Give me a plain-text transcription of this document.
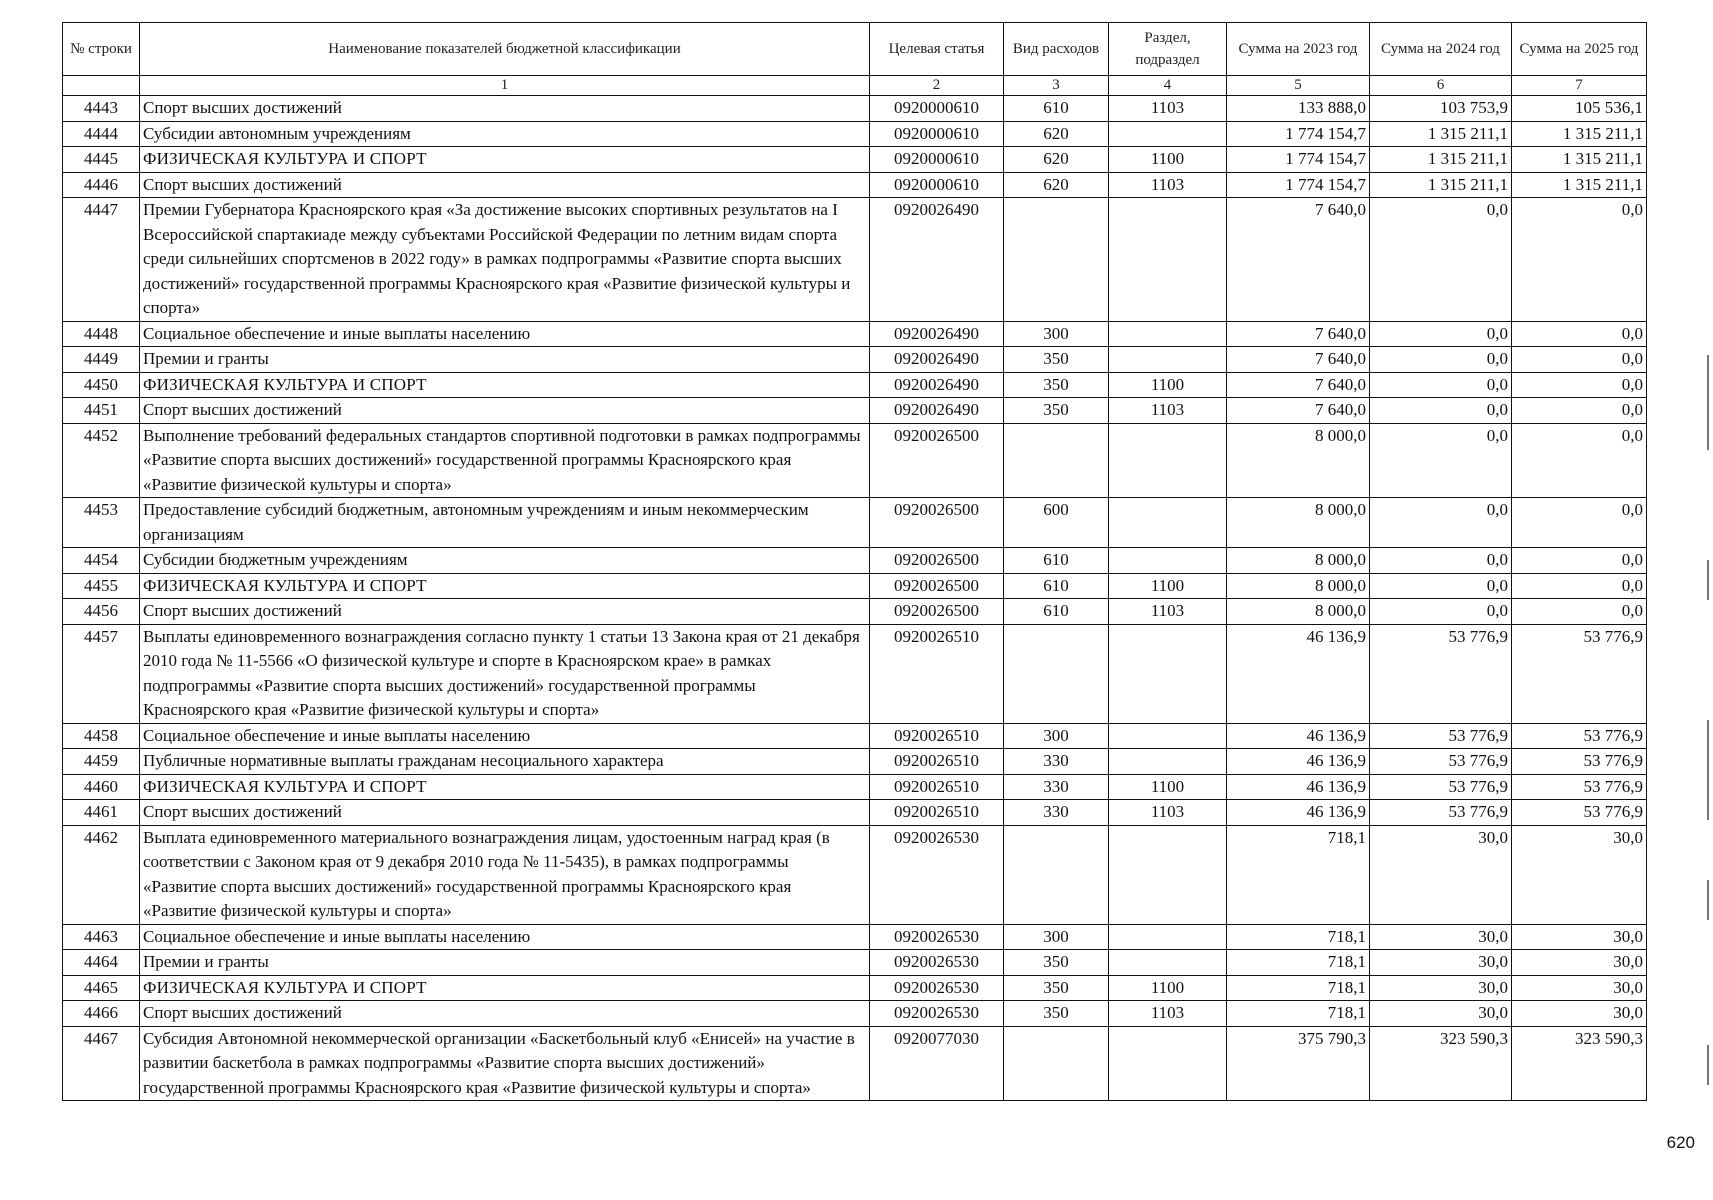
№ строки	Наименование показателей бюджетной классификации	Целевая статья	Вид расходов	Раздел, подраздел	Сумма на 2023 год	Сумма на 2024 год	Сумма на 2025 год
	1	2	3	4	5	6	7
4443	Спорт высших достижений	0920000610	610	1103	133 888,0	103 753,9	105 536,1
4444	Субсидии автономным учреждениям	0920000610	620		1 774 154,7	1 315 211,1	1 315 211,1
4445	ФИЗИЧЕСКАЯ КУЛЬТУРА И СПОРТ	0920000610	620	1100	1 774 154,7	1 315 211,1	1 315 211,1
4446	Спорт высших достижений	0920000610	620	1103	1 774 154,7	1 315 211,1	1 315 211,1
4447	Премии Губернатора Красноярского края «За достижение высоких спортивных результатов на I Всероссийской спартакиаде между субъектами Российской Федерации по летним видам спорта среди сильнейших спортсменов в 2022 году» в рамках подпрограммы «Развитие спорта высших достижений» государственной программы Красноярского края «Развитие физической культуры и спорта»	0920026490			7 640,0	0,0	0,0
4448	Социальное обеспечение и иные выплаты населению	0920026490	300		7 640,0	0,0	0,0
4449	Премии и гранты	0920026490	350		7 640,0	0,0	0,0
4450	ФИЗИЧЕСКАЯ КУЛЬТУРА И СПОРТ	0920026490	350	1100	7 640,0	0,0	0,0
4451	Спорт высших достижений	0920026490	350	1103	7 640,0	0,0	0,0
4452	Выполнение требований федеральных стандартов спортивной подготовки в рамках подпрограммы «Развитие спорта высших достижений» государственной программы Красноярского края «Развитие физической культуры и спорта»	0920026500			8 000,0	0,0	0,0
4453	Предоставление субсидий бюджетным, автономным учреждениям и иным некоммерческим организациям	0920026500	600		8 000,0	0,0	0,0
4454	Субсидии бюджетным учреждениям	0920026500	610		8 000,0	0,0	0,0
4455	ФИЗИЧЕСКАЯ КУЛЬТУРА И СПОРТ	0920026500	610	1100	8 000,0	0,0	0,0
4456	Спорт высших достижений	0920026500	610	1103	8 000,0	0,0	0,0
4457	Выплаты единовременного вознаграждения согласно пункту 1 статьи 13 Закона края от 21 декабря 2010 года № 11-5566 «О физической культуре и спорте в Красноярском крае» в рамках подпрограммы «Развитие спорта высших достижений» государственной программы Красноярского края «Развитие физической культуры и спорта»	0920026510			46 136,9	53 776,9	53 776,9
4458	Социальное обеспечение и иные выплаты населению	0920026510	300		46 136,9	53 776,9	53 776,9
4459	Публичные нормативные выплаты гражданам несоциального характера	0920026510	330		46 136,9	53 776,9	53 776,9
4460	ФИЗИЧЕСКАЯ КУЛЬТУРА И СПОРТ	0920026510	330	1100	46 136,9	53 776,9	53 776,9
4461	Спорт высших достижений	0920026510	330	1103	46 136,9	53 776,9	53 776,9
4462	Выплата единовременного материального вознаграждения лицам, удостоенным наград края (в соответствии с Законом края от 9 декабря 2010 года № 11-5435), в рамках подпрограммы «Развитие спорта высших достижений» государственной программы Красноярского края «Развитие физической культуры и спорта»	0920026530			718,1	30,0	30,0
4463	Социальное обеспечение и иные выплаты населению	0920026530	300		718,1	30,0	30,0
4464	Премии и гранты	0920026530	350		718,1	30,0	30,0
4465	ФИЗИЧЕСКАЯ КУЛЬТУРА И СПОРТ	0920026530	350	1100	718,1	30,0	30,0
4466	Спорт высших достижений	0920026530	350	1103	718,1	30,0	30,0
4467	Субсидия Автономной некоммерческой организации «Баскетбольный клуб «Енисей» на участие в развитии баскетбола в рамках подпрограммы «Развитие спорта высших достижений» государственной программы Красноярского края «Развитие физической культуры и спорта»	0920077030			375 790,3	323 590,3	323 590,3
620
